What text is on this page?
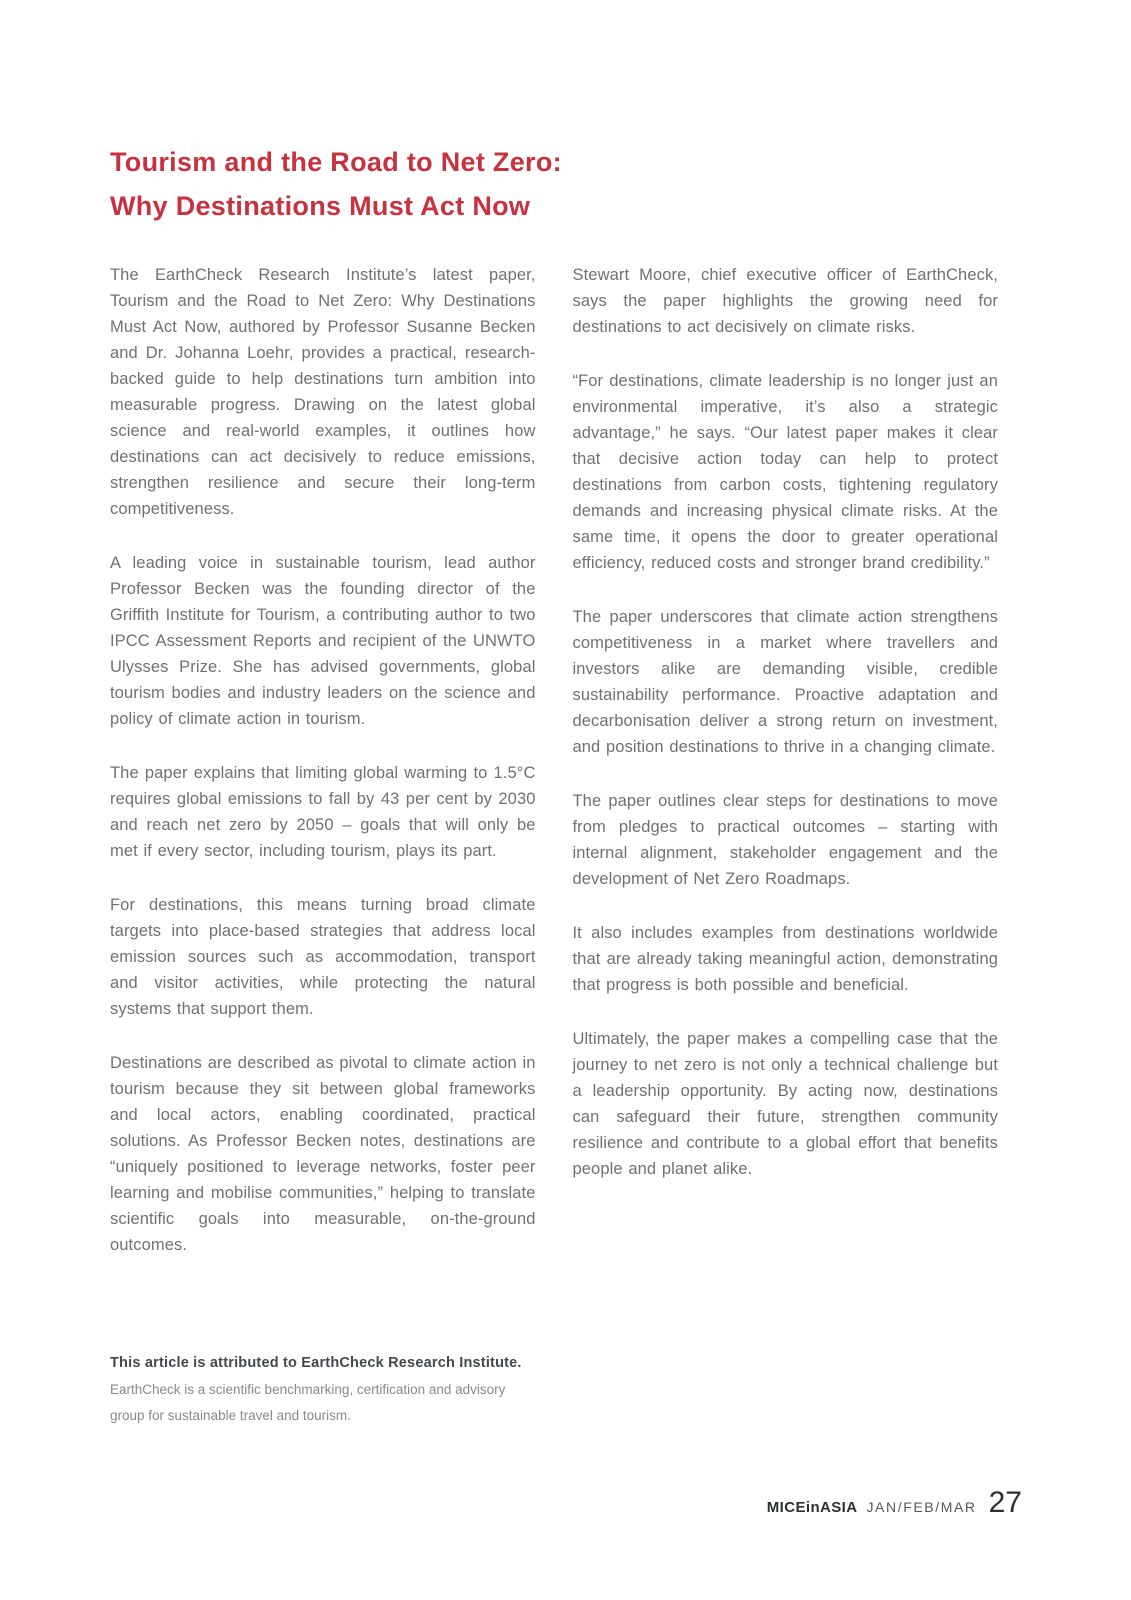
Tourism and the Road to Net Zero:
Why Destinations Must Act Now

The EarthCheck Research Institute’s latest paper, Tourism and the Road to Net Zero: Why Destinations Must Act Now, authored by Professor Susanne Becken and Dr. Johanna Loehr, provides a practical, research-backed guide to help destinations turn ambition into measurable progress. Drawing on the latest global science and real-world examples, it outlines how destinations can act decisively to reduce emissions, strengthen resilience and secure their long-term competitiveness.

A leading voice in sustainable tourism, lead author Professor Becken was the founding director of the Griffith Institute for Tourism, a contributing author to two IPCC Assessment Reports and recipient of the UNWTO Ulysses Prize. She has advised governments, global tourism bodies and industry leaders on the science and policy of climate action in tourism.

The paper explains that limiting global warming to 1.5°C requires global emissions to fall by 43 per cent by 2030 and reach net zero by 2050 – goals that will only be met if every sector, including tourism, plays its part.

For destinations, this means turning broad climate targets into place-based strategies that address local emission sources such as accommodation, transport and visitor activities, while protecting the natural systems that support them.

Destinations are described as pivotal to climate action in tourism because they sit between global frameworks and local actors, enabling coordinated, practical solutions. As Professor Becken notes, destinations are “uniquely positioned to leverage networks, foster peer learning and mobilise communities,” helping to translate scientific goals into measurable, on-the-ground outcomes.

Stewart Moore, chief executive officer of EarthCheck, says the paper highlights the growing need for destinations to act decisively on climate risks.

“For destinations, climate leadership is no longer just an environmental imperative, it’s also a strategic advantage,” he says. “Our latest paper makes it clear that decisive action today can help to protect destinations from carbon costs, tightening regulatory demands and increasing physical climate risks. At the same time, it opens the door to greater operational efficiency, reduced costs and stronger brand credibility.”

The paper underscores that climate action strengthens competitiveness in a market where travellers and investors alike are demanding visible, credible sustainability performance. Proactive adaptation and decarbonisation deliver a strong return on investment, and position destinations to thrive in a changing climate.

The paper outlines clear steps for destinations to move from pledges to practical outcomes – starting with internal alignment, stakeholder engagement and the development of Net Zero Roadmaps.

It also includes examples from destinations worldwide that are already taking meaningful action, demonstrating that progress is both possible and beneficial.

Ultimately, the paper makes a compelling case that the journey to net zero is not only a technical challenge but a leadership opportunity. By acting now, destinations can safeguard their future, strengthen community resilience and contribute to a global effort that benefits people and planet alike.

This article is attributed to EarthCheck Research Institute.

EarthCheck is a scientific benchmarking, certification and advisory group for sustainable travel and tourism.

MICEinASIA JAN/FEB/MAR 27
